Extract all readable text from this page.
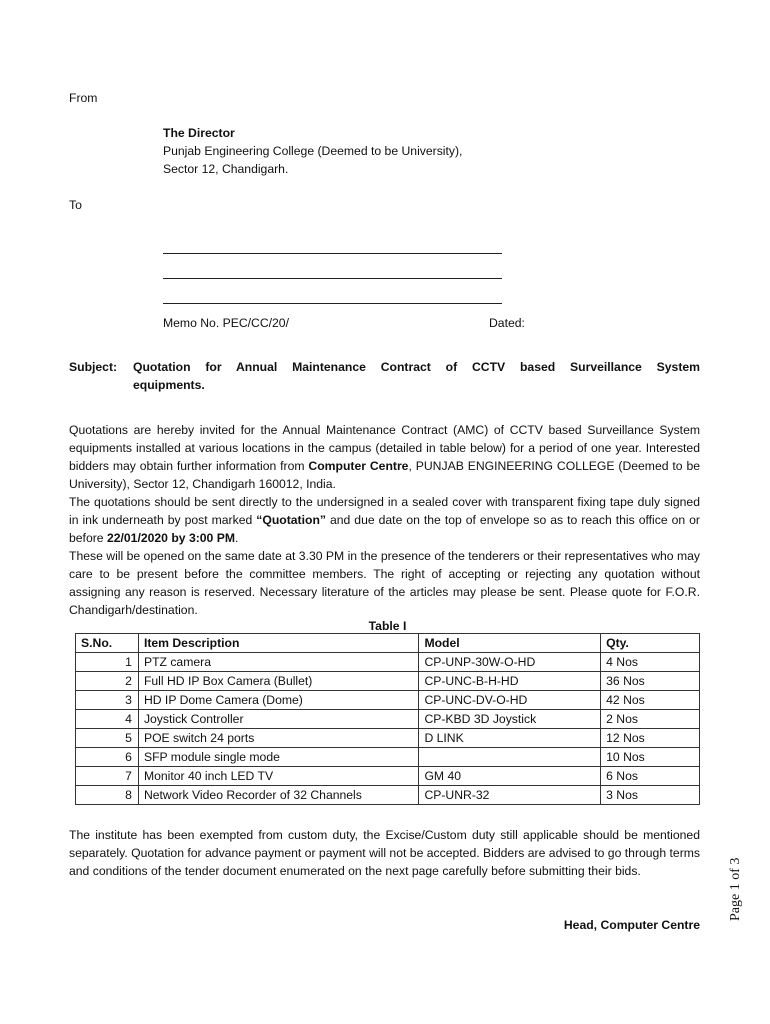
From
The Director
Punjab Engineering College (Deemed to be University),
Sector 12, Chandigarh.
To
Memo No. PEC/CC/20/	Dated:
Subject: Quotation for Annual Maintenance Contract of CCTV based Surveillance System
equipments.

Quotations are hereby invited for the Annual Maintenance Contract (AMC) of CCTV based Surveillance System equipments installed at various locations in the campus (detailed in table below) for a period of one year. Interested bidders may obtain further information from Computer Centre, PUNJAB ENGINEERING COLLEGE (Deemed to be University), Sector 12, Chandigarh 160012, India.

The quotations should be sent directly to the undersigned in a sealed cover with transparent fixing tape duly signed in ink underneath by post marked “Quotation” and due date on the top of envelope so as to reach this office on or before 22/01/2020 by 3:00 PM.

These will be opened on the same date at 3.30 PM in the presence of the tenderers or their representatives who may care to be present before the committee members. The right of accepting or rejecting any quotation without assigning any reason is reserved. Necessary literature of the articles may please be sent. Please quote for F.O.R. Chandigarh/destination.

Table I
S.No.	Item Description	Model	Qty.
1	PTZ camera	CP-UNP-30W-O-HD	4 Nos
2	Full HD IP Box Camera (Bullet)	CP-UNC-B-H-HD	36 Nos
3	HD IP Dome Camera (Dome)	CP-UNC-DV-O-HD	42 Nos
4	Joystick Controller	CP-KBD 3D Joystick	2 Nos
5	POE switch 24 ports	D LINK	12 Nos
6	SFP module single mode		10 Nos
7	Monitor 40 inch LED TV	GM 40	6 Nos
8	Network Video Recorder of 32 Channels	CP-UNR-32	3 Nos
The institute has been exempted from custom duty, the Excise/Custom duty still applicable should be mentioned separately. Quotation for advance payment or payment will not be accepted. Bidders are advised to go through terms and conditions of the tender document enumerated on the next page carefully before submitting their bids.
Head, Computer Centre
Page 1 of 3
